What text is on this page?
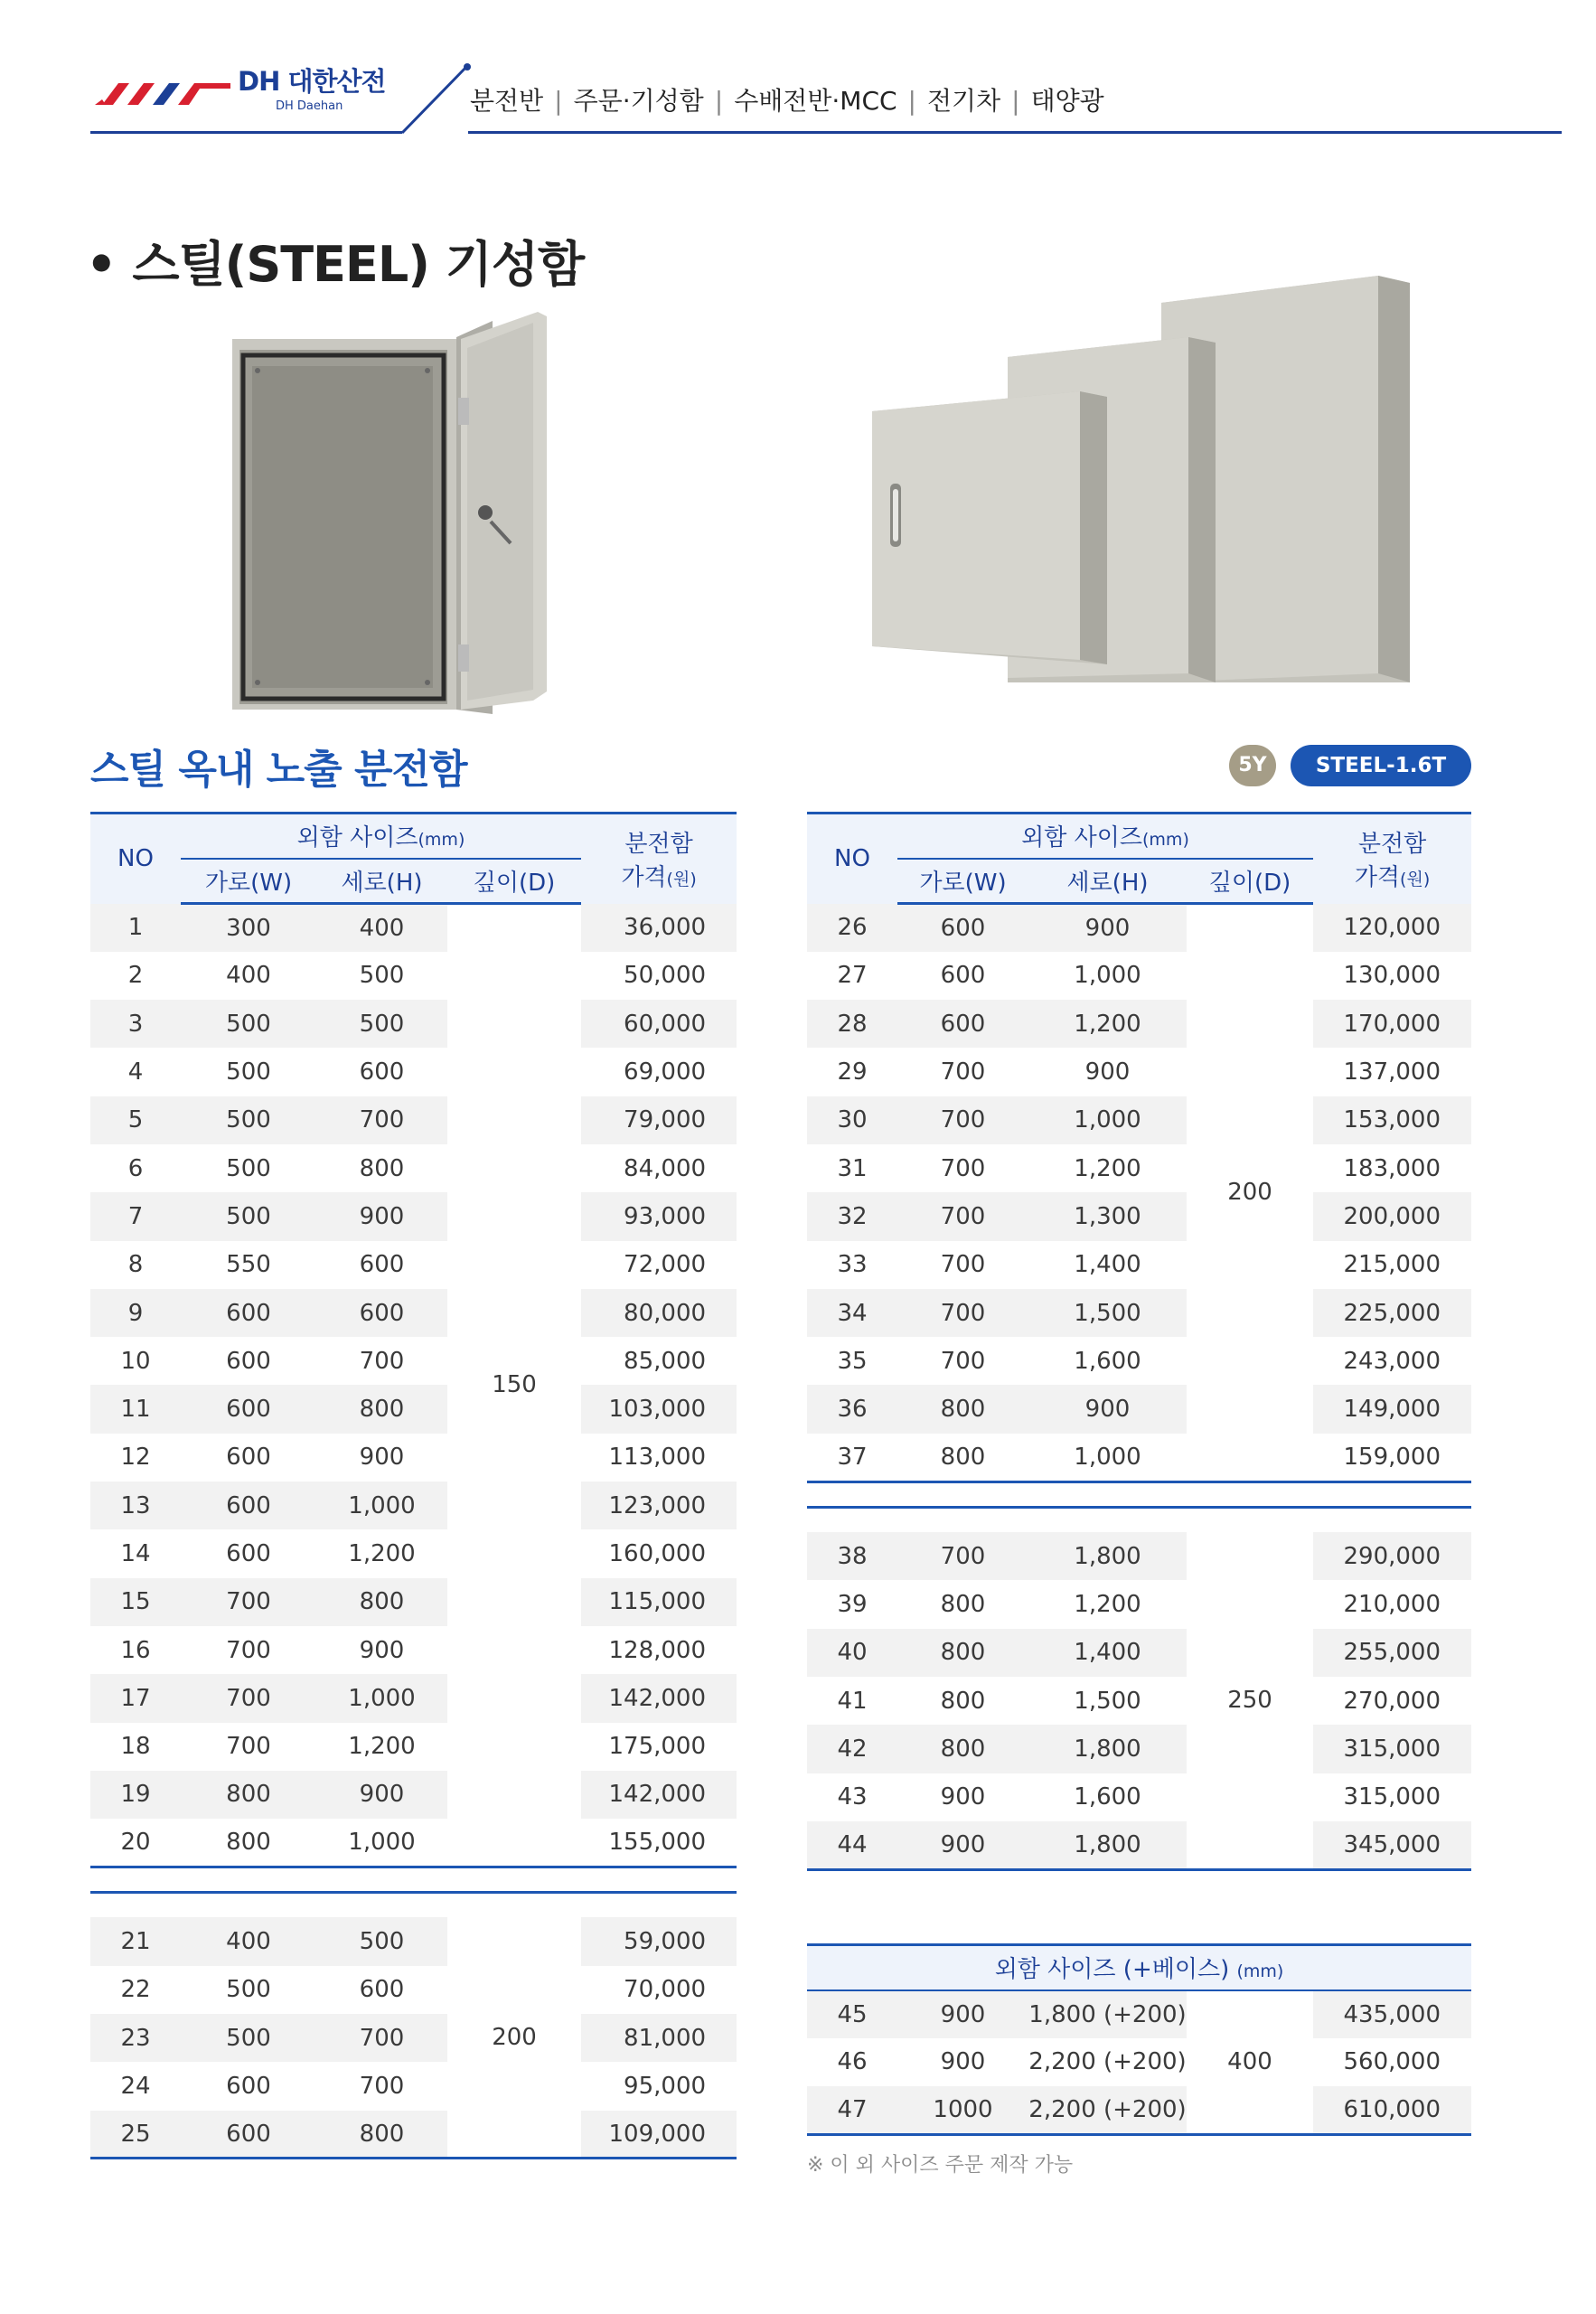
DH 대한산전
DH Daehan	분전반 | 주문·기성함 | 수배전반·MCC | 전기차 | 태양광
• 스틸(STEEL) 기성함
스틸 옥내 노출 분전함	5Y	STEEL-1.6T
NO	외함 사이즈(mm)			분전함
가격(원)
	가로(W)	세로(H)	깊이(D)	
1	300	400	150	36,000
2	400	500		50,000
3	500	500		60,000
4	500	600		69,000
5	500	700		79,000
6	500	800		84,000
7	500	900		93,000
8	550	600		72,000
9	600	600		80,000
10	600	700		85,000
11	600	800		103,000
12	600	900		113,000
13	600	1,000		123,000
14	600	1,200		160,000
15	700	800		115,000
16	700	900		128,000
17	700	1,000		142,000
18	700	1,200		175,000
19	800	900		142,000
20	800	1,000		155,000

21	400	500	200	59,000
22	500	600		70,000
23	500	700		81,000
24	600	700		95,000
25	600	800		109,000
NO	외함 사이즈(mm)			분전함
가격(원)
	가로(W)	세로(H)	깊이(D)	
26	600	900	200	120,000
27	600	1,000		130,000
28	600	1,200		170,000
29	700	900		137,000
30	700	1,000		153,000
31	700	1,200		183,000
32	700	1,300		200,000
33	700	1,400		215,000
34	700	1,500		225,000
35	700	1,600		243,000
36	800	900		149,000
37	800	1,000		159,000

38	700	1,800	250	290,000
39	800	1,200		210,000
40	800	1,400		255,000
41	800	1,500		270,000
42	800	1,800		315,000
43	900	1,600		315,000
44	900	1,800		345,000
외함 사이즈 (+베이스) (mm)				
45	900	1,800 (+200)	400	435,000
46	900	2,200 (+200)		560,000
47	1000	2,200 (+200)		610,000
※ 이 외 사이즈 주문 제작 가능
